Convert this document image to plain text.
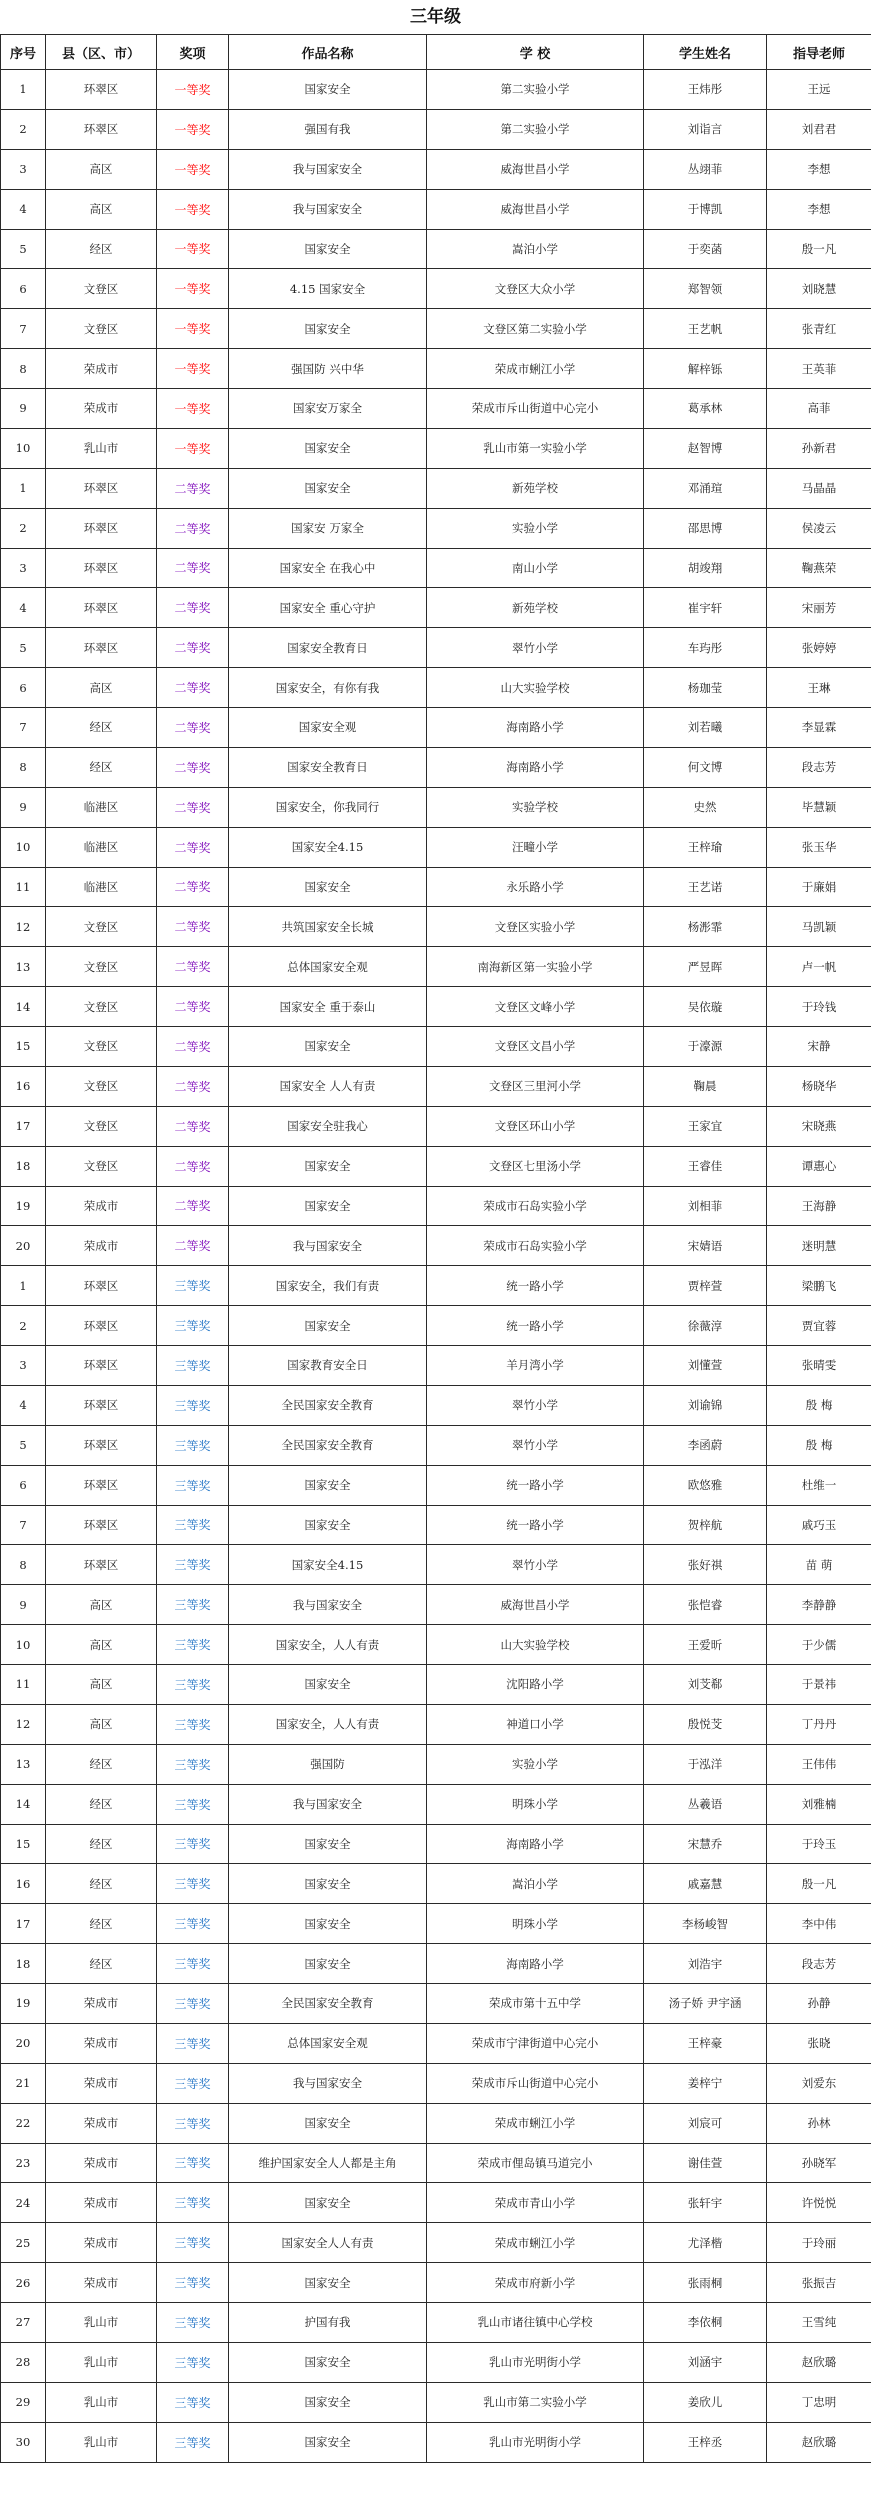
三年级
序号	县（区、市）	奖项	作品名称	学 校	学生姓名	指导老师
1	环翠区	一等奖	国家安全	第二实验小学	王炜彤	王远
2	环翠区	一等奖	强国有我	第二实验小学	刘诣言	刘君君
3	高区	一等奖	我与国家安全	威海世昌小学	丛翊菲	李想
4	高区	一等奖	我与国家安全	威海世昌小学	于博凯	李想
5	经区	一等奖	国家安全	嵩泊小学	于奕菡	殷一凡
6	文登区	一等奖	4.15 国家安全	文登区大众小学	郑智领	刘晓慧
7	文登区	一等奖	国家安全	文登区第二实验小学	王艺帆	张青红
8	荣成市	一等奖	强国防 兴中华	荣成市蜊江小学	解梓铄	王英菲
9	荣成市	一等奖	国家安万家全	荣成市斥山街道中心完小	葛承林	高菲
10	乳山市	一等奖	国家安全	乳山市第一实验小学	赵智博	孙新君
1	环翠区	二等奖	国家安全	新苑学校	邓涌瑄	马晶晶
2	环翠区	二等奖	国家安 万家全	实验小学	邵思博	侯凌云
3	环翠区	二等奖	国家安全 在我心中	南山小学	胡竣翔	鞠燕荣
4	环翠区	二等奖	国家安全 重心守护	新苑学校	崔宇轩	宋丽芳
5	环翠区	二等奖	国家安全教育日	翠竹小学	车玙彤	张婷婷
6	高区	二等奖	国家安全，有你有我	山大实验学校	杨珈莹	王琳
7	经区	二等奖	国家安全观	海南路小学	刘若曦	李显霖
8	经区	二等奖	国家安全教育日	海南路小学	何文博	段志芳
9	临港区	二等奖	国家安全，你我同行	实验学校	史然	毕慧颖
10	临港区	二等奖	国家安全4.15	汪疃小学	王梓瑜	张玉华
11	临港区	二等奖	国家安全	永乐路小学	王艺诺	于廉娟
12	文登区	二等奖	共筑国家安全长城	文登区实验小学	杨浵霏	马凯颖
13	文登区	二等奖	总体国家安全观	南海新区第一实验小学	严昱晖	卢一帆
14	文登区	二等奖	国家安全 重于泰山	文登区文峰小学	吴依璇	于玲钱
15	文登区	二等奖	国家安全	文登区文昌小学	于濠源	宋静
16	文登区	二等奖	国家安全 人人有责	文登区三里河小学	鞠晨	杨晓华
17	文登区	二等奖	国家安全驻我心	文登区环山小学	王家宜	宋晓燕
18	文登区	二等奖	国家安全	文登区七里汤小学	王睿佳	谭惠心
19	荣成市	二等奖	国家安全	荣成市石岛实验小学	刘相菲	王海静
20	荣成市	二等奖	我与国家安全	荣成市石岛实验小学	宋婧语	迷明慧
1	环翠区	三等奖	国家安全，我们有责	统一路小学	贾梓萱	梁鹏飞
2	环翠区	三等奖	国家安全	统一路小学	徐薇淳	贾宜蓉
3	环翠区	三等奖	国家教育安全日	羊月湾小学	刘懂萱	张晴雯
4	环翠区	三等奖	全民国家安全教育	翠竹小学	刘谕锦	殷 梅
5	环翠区	三等奖	全民国家安全教育	翠竹小学	李函蔚	殷 梅
6	环翠区	三等奖	国家安全	统一路小学	欧悠雅	杜维一
7	环翠区	三等奖	国家安全	统一路小学	贺梓航	戚巧玉
8	环翠区	三等奖	国家安全4.15	翠竹小学	张好祺	苗 萌
9	高区	三等奖	我与国家安全	威海世昌小学	张恺睿	李静静
10	高区	三等奖	国家安全，人人有责	山大实验学校	王爱昕	于少儒
11	高区	三等奖	国家安全	沈阳路小学	刘芠郗	于景祎
12	高区	三等奖	国家安全，人人有责	神道口小学	殷悦芠	丁丹丹
13	经区	三等奖	强国防	实验小学	于泓洋	王伟伟
14	经区	三等奖	我与国家安全	明珠小学	丛羲语	刘雅楠
15	经区	三等奖	国家安全	海南路小学	宋慧乔	于玲玉
16	经区	三等奖	国家安全	嵩泊小学	戚嘉慧	殷一凡
17	经区	三等奖	国家安全	明珠小学	李杨峻智	李中伟
18	经区	三等奖	国家安全	海南路小学	刘浩宇	段志芳
19	荣成市	三等奖	全民国家安全教育	荣成市第十五中学	汤子娇 尹宇涵	孙静
20	荣成市	三等奖	总体国家安全观	荣成市宁津街道中心完小	王梓豪	张晓
21	荣成市	三等奖	我与国家安全	荣成市斥山街道中心完小	姜梓宁	刘爱东
22	荣成市	三等奖	国家安全	荣成市蜊江小学	刘宸可	孙林
23	荣成市	三等奖	维护国家安全人人都是主角	荣成市俚岛镇马道完小	谢佳萱	孙晓军
24	荣成市	三等奖	国家安全	荣成市青山小学	张轩宇	许悦悦
25	荣成市	三等奖	国家安全人人有责	荣成市蜊江小学	尤泽楷	于玲丽
26	荣成市	三等奖	国家安全	荣成市府新小学	张雨桐	张振吉
27	乳山市	三等奖	护国有我	乳山市诸往镇中心学校	李依桐	王雪纯
28	乳山市	三等奖	国家安全	乳山市光明街小学	刘涵宇	赵欣璐
29	乳山市	三等奖	国家安全	乳山市第二实验小学	姜欣儿	丁忠明
30	乳山市	三等奖	国家安全	乳山市光明街小学	王梓丞	赵欣璐
